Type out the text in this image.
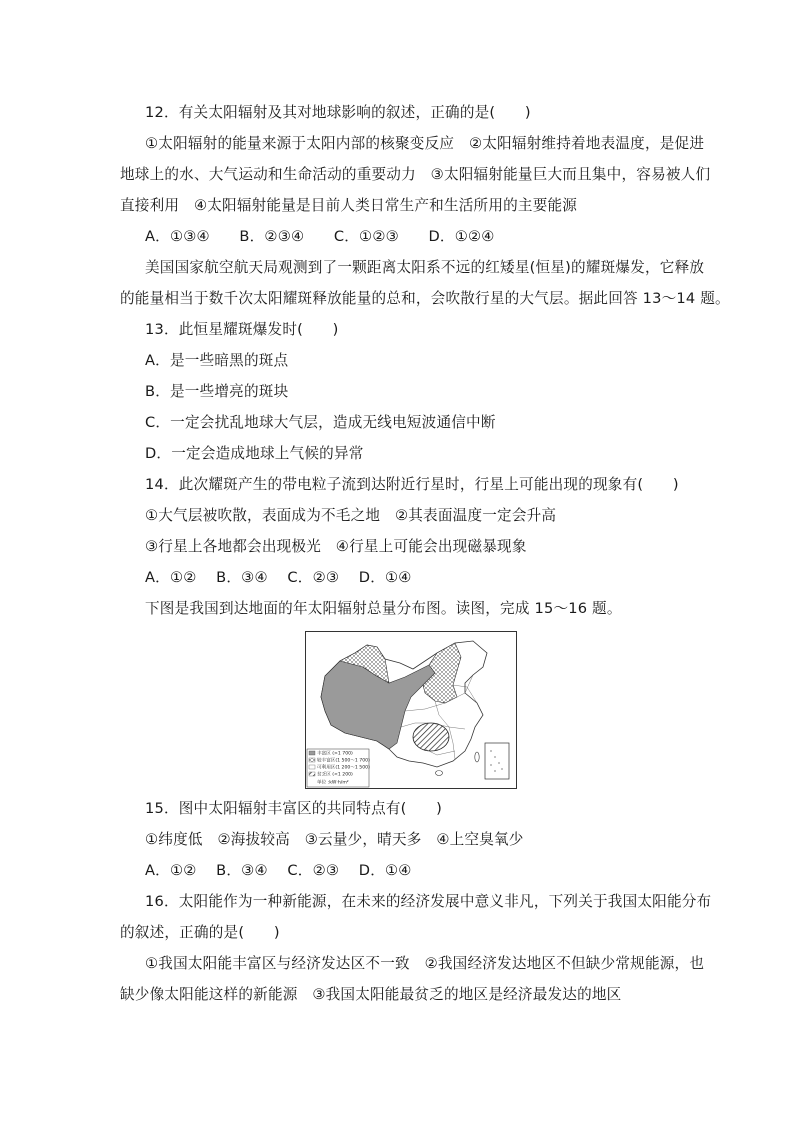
12．有关太阳辐射及其对地球影响的叙述，正确的是(　　)
①太阳辐射的能量来源于太阳内部的核聚变反应　②太阳辐射维持着地表温度，是促进
地球上的水、大气运动和生命活动的重要动力　③太阳辐射能量巨大而且集中，容易被人们
直接利用　④太阳辐射能量是目前人类日常生产和生活所用的主要能源
A．①③④　　B．②③④　　C．①②③　　D．①②④
美国国家航空航天局观测到了一颗距离太阳系不远的红矮星(恒星)的耀斑爆发，它释放
的能量相当于数千次太阳耀斑释放能量的总和，会吹散行星的大气层。据此回答 13～14 题。
13．此恒星耀斑爆发时(　　)
A．是一些暗黑的斑点
B．是一些增亮的斑块
C．一定会扰乱地球大气层，造成无线电短波通信中断
D．一定会造成地球上气候的异常
14．此次耀斑产生的带电粒子流到达附近行星时，行星上可能出现的现象有(　　)
①大气层被吹散，表面成为不毛之地　②其表面温度一定会升高
③行星上各地都会出现极光　④行星上可能会出现磁暴现象
A．①②　 B．③④　 C．②③　 D．①④
下图是我国到达地面的年太阳辐射总量分布图。读图，完成 15～16 题。
丰富区 (>1 700)
较丰富区(1 500～1 700)
可利用区(1 200～1 500)
贫乏区 (<1 200)
单位 :kW·h/m²
15．图中太阳辐射丰富区的共同特点有(　　)
①纬度低　②海拔较高　③云量少，晴天多　④上空臭氧少
A．①②　 B．③④　 C．②③　 D．①④
16．太阳能作为一种新能源，在未来的经济发展中意义非凡，下列关于我国太阳能分布
的叙述，正确的是(　　)
①我国太阳能丰富区与经济发达区不一致　②我国经济发达地区不但缺少常规能源，也
缺少像太阳能这样的新能源　③我国太阳能最贫乏的地区是经济最发达的地区
